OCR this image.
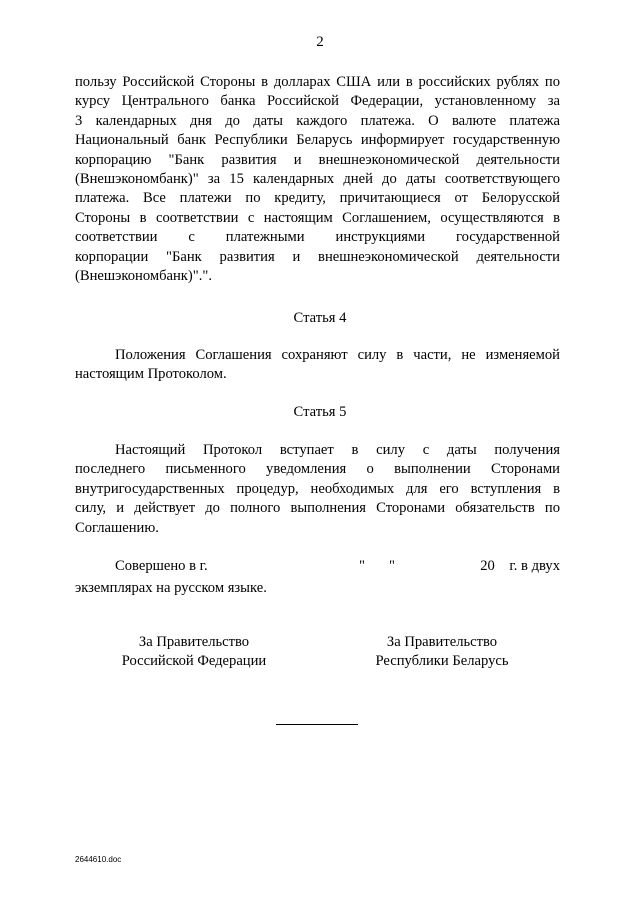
2
пользу Российской Стороны в долларах США или в российских рублях по
курсу Центрального банка Российской Федерации, установленному за
3 календарных дня до даты каждого платежа. О валюте платежа
Национальный банк Республики Беларусь информирует государственную
корпорацию "Банк развития и внешнеэкономической деятельности
(Внешэкономбанк)" за 15 календарных дней до даты соответствующего
платежа. Все платежи по кредиту, причитающиеся от Белорусской
Стороны в соответствии с настоящим Соглашением, осуществляются в
соответствии с платежными инструкциями государственной
корпорации "Банк развития и внешнеэкономической деятельности
(Внешэкономбанк)".".
Статья 4
Положения Соглашения сохраняют силу в части, не изменяемой
настоящим Протоколом.
Статья 5
Настоящий Протокол вступает в силу с даты получения
последнего письменного уведомления о выполнении Сторонами
внутригосударственных процедур, необходимых для его вступления в
силу, и действует до полного выполнения Сторонами обязательств по
Соглашению.
Совершено в г.	" "	20    г. в двух
экземплярах на русском языке.
За Правительство
Российской Федерации
За Правительство
Республики Беларусь
2644610.doc
